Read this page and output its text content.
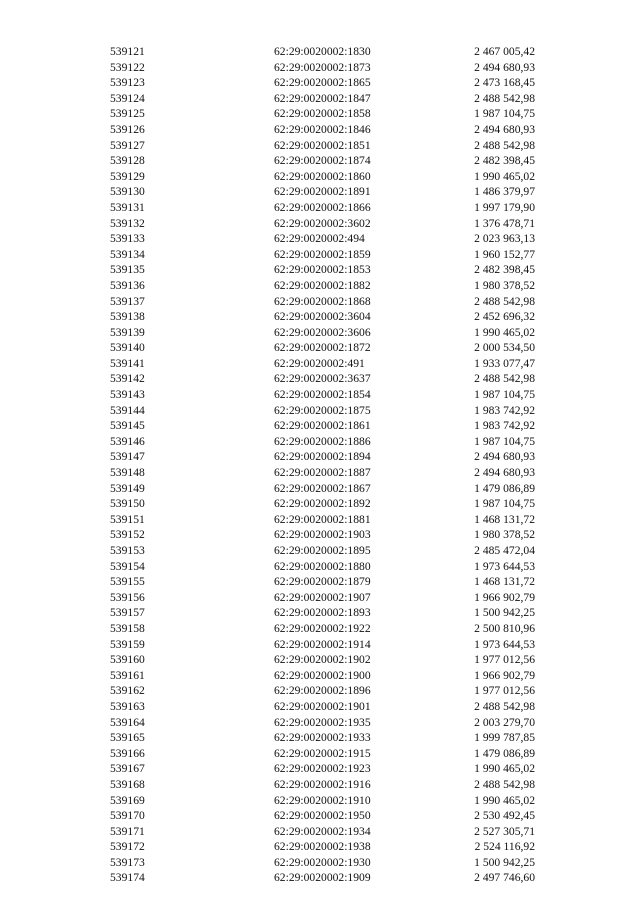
539121	62:29:0020002:1830	2 467 005,42
539122	62:29:0020002:1873	2 494 680,93
539123	62:29:0020002:1865	2 473 168,45
539124	62:29:0020002:1847	2 488 542,98
539125	62:29:0020002:1858	1 987 104,75
539126	62:29:0020002:1846	2 494 680,93
539127	62:29:0020002:1851	2 488 542,98
539128	62:29:0020002:1874	2 482 398,45
539129	62:29:0020002:1860	1 990 465,02
539130	62:29:0020002:1891	1 486 379,97
539131	62:29:0020002:1866	1 997 179,90
539132	62:29:0020002:3602	1 376 478,71
539133	62:29:0020002:494	2 023 963,13
539134	62:29:0020002:1859	1 960 152,77
539135	62:29:0020002:1853	2 482 398,45
539136	62:29:0020002:1882	1 980 378,52
539137	62:29:0020002:1868	2 488 542,98
539138	62:29:0020002:3604	2 452 696,32
539139	62:29:0020002:3606	1 990 465,02
539140	62:29:0020002:1872	2 000 534,50
539141	62:29:0020002:491	1 933 077,47
539142	62:29:0020002:3637	2 488 542,98
539143	62:29:0020002:1854	1 987 104,75
539144	62:29:0020002:1875	1 983 742,92
539145	62:29:0020002:1861	1 983 742,92
539146	62:29:0020002:1886	1 987 104,75
539147	62:29:0020002:1894	2 494 680,93
539148	62:29:0020002:1887	2 494 680,93
539149	62:29:0020002:1867	1 479 086,89
539150	62:29:0020002:1892	1 987 104,75
539151	62:29:0020002:1881	1 468 131,72
539152	62:29:0020002:1903	1 980 378,52
539153	62:29:0020002:1895	2 485 472,04
539154	62:29:0020002:1880	1 973 644,53
539155	62:29:0020002:1879	1 468 131,72
539156	62:29:0020002:1907	1 966 902,79
539157	62:29:0020002:1893	1 500 942,25
539158	62:29:0020002:1922	2 500 810,96
539159	62:29:0020002:1914	1 973 644,53
539160	62:29:0020002:1902	1 977 012,56
539161	62:29:0020002:1900	1 966 902,79
539162	62:29:0020002:1896	1 977 012,56
539163	62:29:0020002:1901	2 488 542,98
539164	62:29:0020002:1935	2 003 279,70
539165	62:29:0020002:1933	1 999 787,85
539166	62:29:0020002:1915	1 479 086,89
539167	62:29:0020002:1923	1 990 465,02
539168	62:29:0020002:1916	2 488 542,98
539169	62:29:0020002:1910	1 990 465,02
539170	62:29:0020002:1950	2 530 492,45
539171	62:29:0020002:1934	2 527 305,71
539172	62:29:0020002:1938	2 524 116,92
539173	62:29:0020002:1930	1 500 942,25
539174	62:29:0020002:1909	2 497 746,60
